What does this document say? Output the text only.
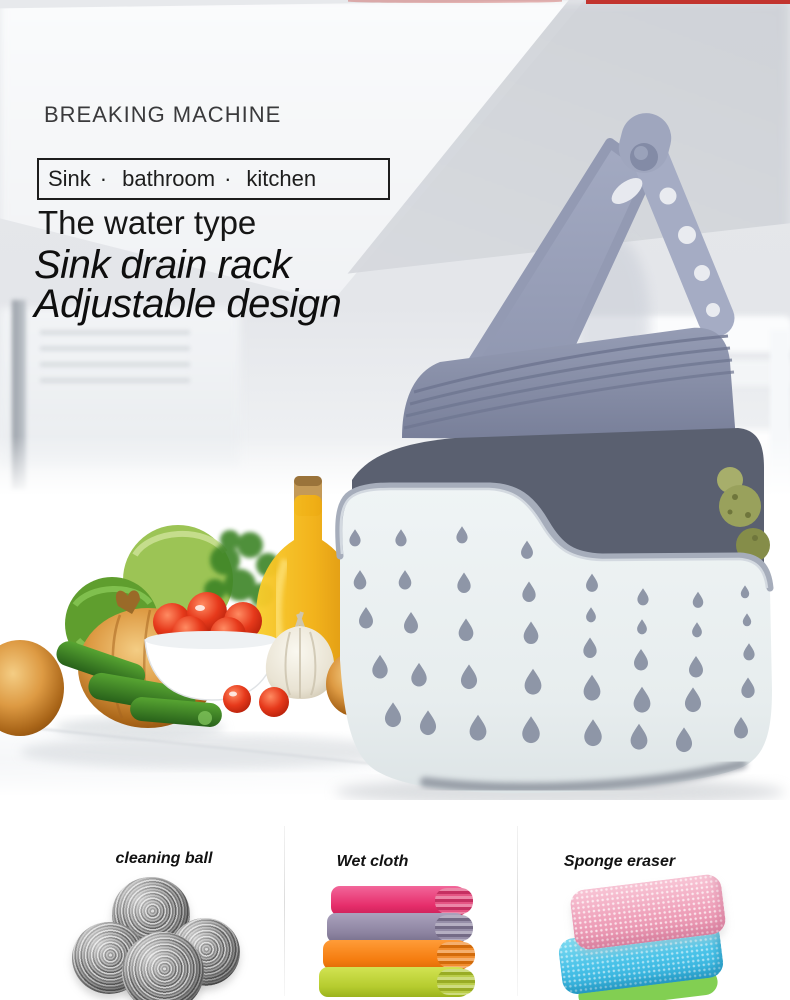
BREAKING MACHINE
Sink · bathroom · kitchen
The water type
Sink drain rack
Adjustable design
cleaning ball	Wet cloth	Sponge eraser
